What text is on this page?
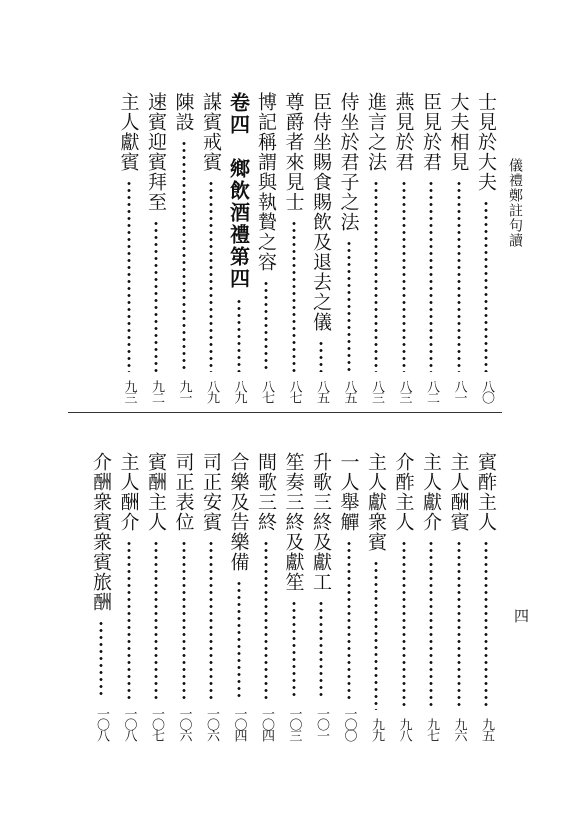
儀禮鄭註句讀
四
士見於大夫
八〇
大夫相見
八一
臣見於君
八二
燕見於君
八三
進言之法
八三
侍坐於君子之法
八五
臣侍坐賜食賜飲及退去之儀
八五
尊爵者來見士
八七
博記稱謂與執贄之容
八七
卷四　鄉飲酒禮第四
八九
謀賓戒賓
八九
陳設
九一
速賓迎賓拜至
九二
主人獻賓
九三
賓酢主人
九五
主人酬賓
九六
主人獻介
九七
介酢主人
九八
主人獻衆賓
九九
一人舉觶
一〇〇
升歌三終及獻工
一〇一
笙奏三終及獻笙
一〇三
間歌三終
一〇四
合樂及告樂備
一〇四
司正安賓
一〇六
司正表位
一〇六
賓酬主人
一〇七
主人酬介
一〇八
介酬衆賓衆賓旅酬
一〇八
